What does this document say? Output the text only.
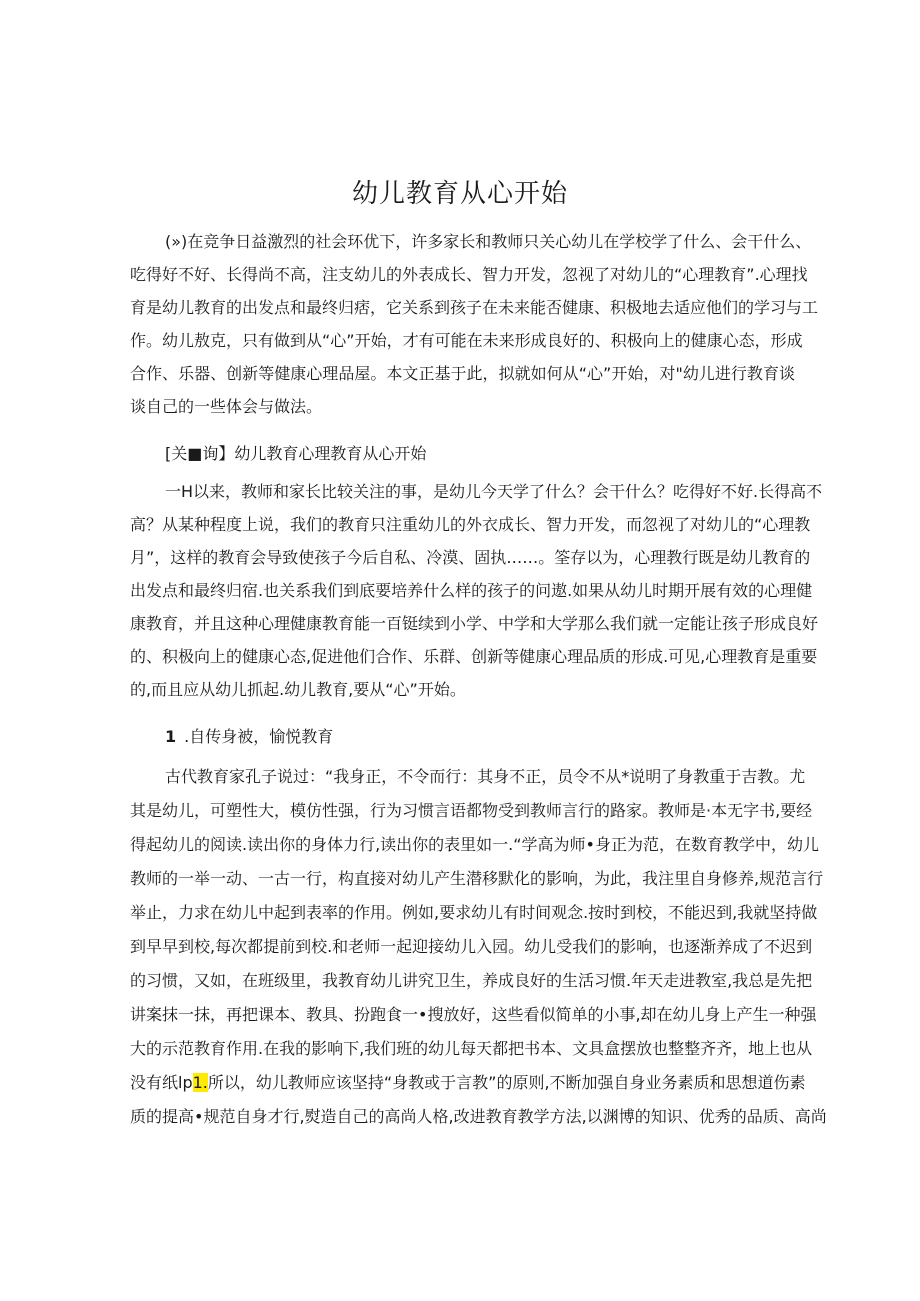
幼儿教育从心开始
(»)在竞争日益激烈的社会环优下，许多家长和教师只关心幼儿在学校学了什么、会干什么、
吃得好不好、长得尚不高，注支幼儿的外表成长、智力开发，忽视了对幼儿的“心理教育”.心理找
育是幼儿教育的出发点和最终归痞，它关系到孩子在未来能否健康、积极地去适应他们的学习与工
作。幼儿敖克，只有做到从“心”开始，才有可能在未来形成良好的、积极向上的健康心态，形成
合作、乐器、创新等健康心理品屋。本文正基于此，拟就如何从“心”开始，对"幼儿进行教育谈
谈自己的一些体会与做法。
[关■询】幼儿教育心理教育从心开始
一H以来，教师和家长比较关注的事，是幼儿今天学了什么？会干什么？吃得好不好.长得高不
高？从某种程度上说，我们的教育只注重幼儿的外衣成长、智力开发，而忽视了对幼儿的“心理教
月”，这样的教育会导致使孩子今后自私、冷漠、固执……。筌存以为，心理教行既是幼儿教育的
出发点和最终归宿.也关系我们到底要培养什么样的孩子的问遨.如果从幼儿时期开展有效的心理健
康教育，并且这种心理健康教育能一百铤续到小学、中学和大学那么我们就一定能让孩子形成良好
的、积极向上的健康心态,促进他们合作、乐群、创新等健康心理品质的形成.可见,心理教育是重要
的,而且应从幼儿抓起.幼儿教育,要从“心”开始。
1 .自传身被，愉悦教育
古代教育家孔子说过：“我身正，不令而行：其身不正，员令不从*说明了身教重于吉教。尤
其是幼儿，可塑性大，模仿性强，行为习惯言语都物受到教师言行的路家。教师是·本无字书,要经
得起幼儿的阅读.读出你的身体力行,读出你的表里如一.“学高为师•身正为范，在数育教学中，幼儿
教师的一举一动、一古一行，构直接对幼儿产生潜移默化的影响，为此，我注里自身修养,规范言行
举止，力求在幼儿中起到表率的作用。例如,要求幼儿有时间观念.按时到校，不能迟到,我就坚持做
到早早到校,每次都提前到校.和老师一起迎接幼儿入园。幼儿受我们的影响，也逐渐养成了不迟到
的习惯，又如，在班级里，我教育幼儿讲究卫生，养成良好的生活习惯.年天走进教室,我总是先把
讲案抹一抹，再把课本、教具、扮跑食一•搜放好，这些看似简单的小事,却在幼儿身上产生一种强
大的示范教育作用.在我的影响下,我们班的幼儿每天都把书本、文具盒摆放也整整齐齐，地上也从
没有纸lp1.所以，幼儿教师应该坚持“身教或于言教”的原则,不断加强自身业务素质和思想道伤素
质的提高•规范自身才行,熨造自己的高尚人格,改进教育教学方法,以渊博的知识、优秀的品质、高尚
